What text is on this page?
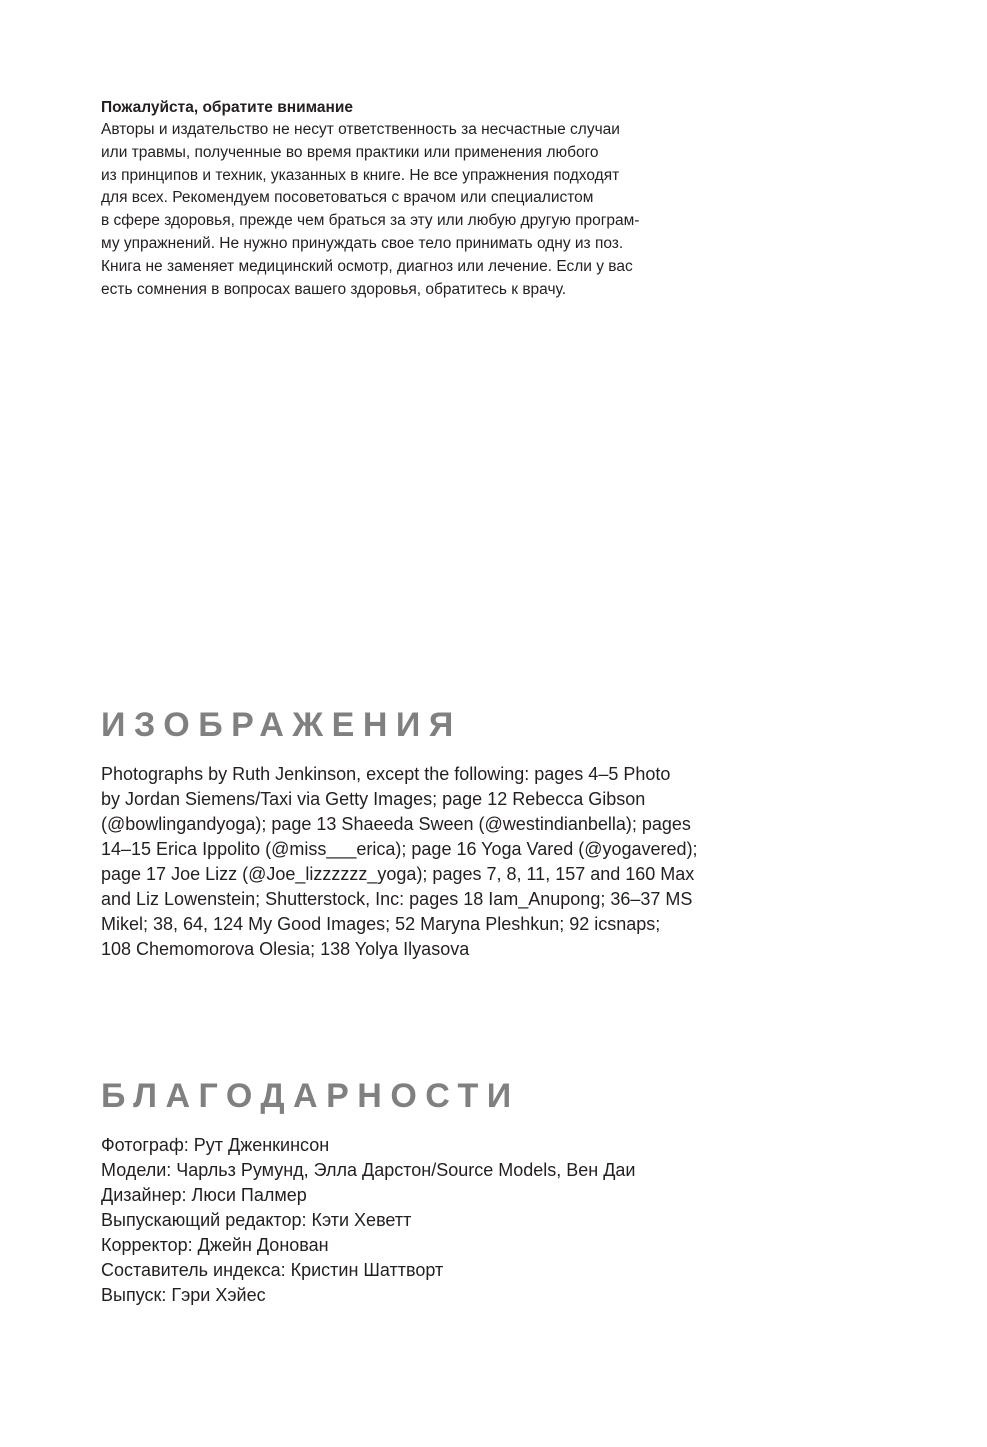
Пожалуйста, обратите внимание

Авторы и издательство не несут ответственность за несчастные случаи

или травмы, полученные во время практики или применения любого

из принципов и техник, указанных в книге. Не все упражнения подходят

для всех. Рекомендуем посоветоваться с врачом или специалистом

в сфере здоровья, прежде чем браться за эту или любую другую програм-

му упражнений. Не нужно принуждать свое тело принимать одну из поз.

Книга не заменяет медицинский осмотр, диагноз или лечение. Если у вас

есть сомнения в вопросах вашего здоровья, обратитесь к врачу.

ИЗОБРАЖЕНИЯ

Photographs by Ruth Jenkinson, except the following: pages 4–5 Photo

by Jordan Siemens/Taxi via Getty Images; page 12 Rebecca Gibson

(@bowlingandyoga); page 13 Shaeeda Sween (@westindianbella); pages

14–15 Erica Ippolito (@miss___erica); page 16 Yoga Vared (@yogavered);

page 17 Joe Lizz (@Joe_lizzzzzz_yoga); pages 7, 8, 11, 157 and 160 Max

and Liz Lowenstein; Shutterstock, Inc: pages 18 Iam_Anupong; 36–37 MS

Mikel; 38, 64, 124 My Good Images; 52 Maryna Pleshkun; 92 icsnaps;

108 Chemomorova Olesia; 138 Yolya Ilyasova

БЛАГОДАРНОСТИ

Фотограф: Рут Дженкинсон

Модели: Чарльз Румунд, Элла Дарстон/Source Models, Вен Даи

Дизайнер: Люси Палмер

Выпускающий редактор: Кэти Хеветт

Корректор: Джейн Донован

Составитель индекса: Кристин Шаттворт

Выпуск: Гэри Хэйес
